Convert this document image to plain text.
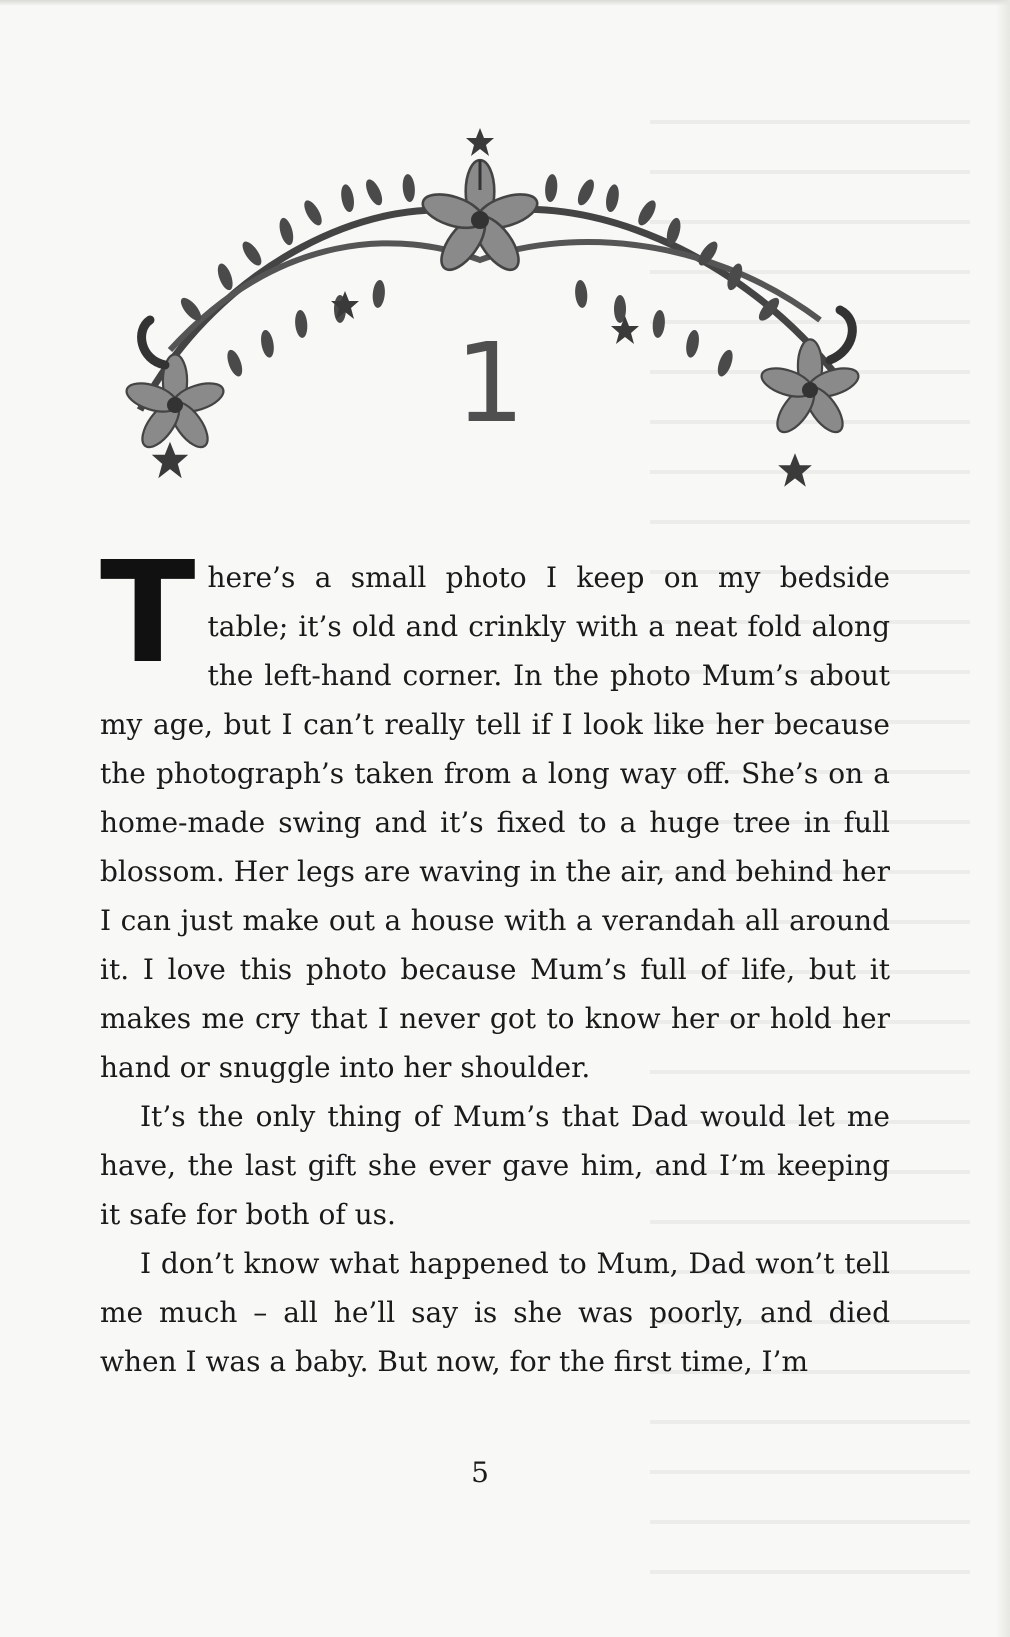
1

There’s a small photo I keep on my bedside table; it’s old and crinkly with a neat fold along the left-hand corner. In the photo Mum’s about my age, but I can’t really tell if I look like her because the photograph’s taken from a long way off. She’s on a home-made swing and it’s fixed to a huge tree in full blossom. Her legs are waving in the air, and behind her I can just make out a house with a verandah all around it. I love this photo because Mum’s full of life, but it makes me cry that I never got to know her or hold her hand or snuggle into her shoulder.

It’s the only thing of Mum’s that Dad would let me have, the last gift she ever gave him, and I’m keeping it safe for both of us.

I don’t know what happened to Mum, Dad won’t tell me much – all he’ll say is she was poorly, and died when I was a baby. But now, for the first time, I’m

5
